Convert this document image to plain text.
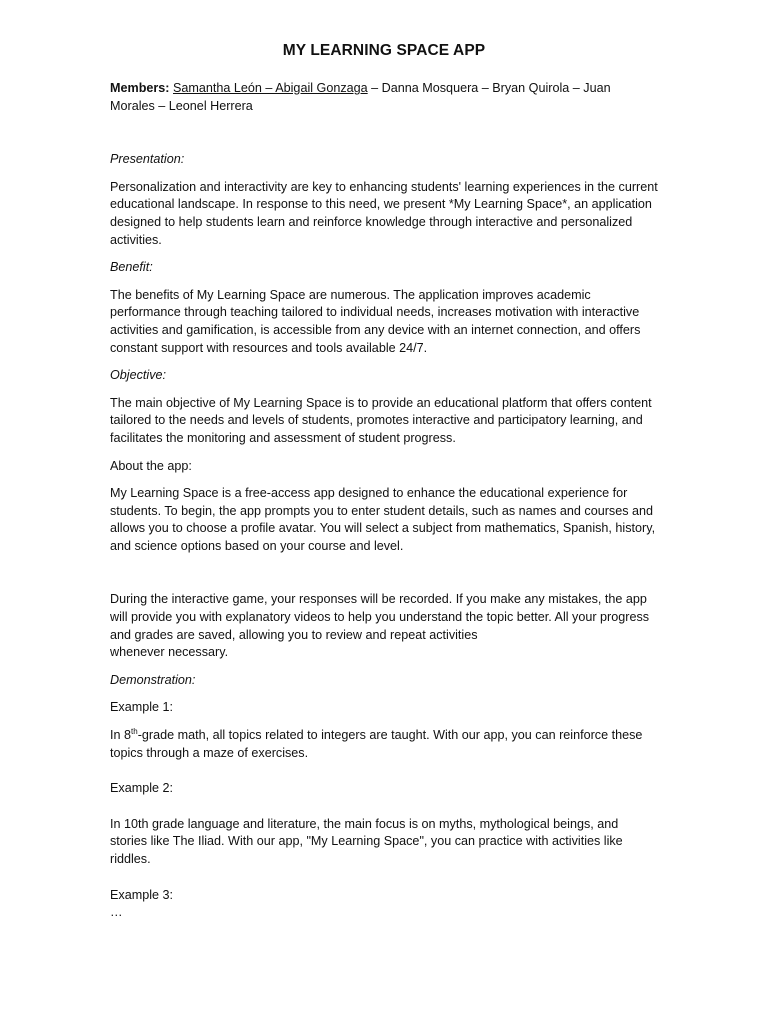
MY LEARNING SPACE APP

Members: Samantha León – Abigail Gonzaga – Danna Mosquera – Bryan Quirola – Juan Morales – Leonel Herrera

Presentation:

Personalization and interactivity are key to enhancing students' learning experiences in the current educational landscape. In response to this need, we present *My Learning Space*, an application designed to help students learn and reinforce knowledge through interactive and personalized activities.

Benefit:

The benefits of My Learning Space are numerous. The application improves academic performance through teaching tailored to individual needs, increases motivation with interactive activities and gamification, is accessible from any device with an internet connection, and offers constant support with resources and tools available 24/7.

Objective:

The main objective of My Learning Space is to provide an educational platform that offers content tailored to the needs and levels of students, promotes interactive and participatory learning, and facilitates the monitoring and assessment of student progress.

About the app:

My Learning Space is a free-access app designed to enhance the educational experience for students. To begin, the app prompts you to enter student details, such as names and courses and allows you to choose a profile avatar. You will select a subject from mathematics, Spanish, history, and science options based on your course and level.

During the interactive game, your responses will be recorded. If you make any mistakes, the app will provide you with explanatory videos to help you understand the topic better. All your progress and grades are saved, allowing you to review and repeat activities
whenever necessary.

Demonstration:

Example 1:

In 8th-grade math, all topics related to integers are taught. With our app, you can reinforce these topics through a maze of exercises.

Example 2:

In 10th grade language and literature, the main focus is on myths, mythological beings, and stories like The Iliad. With our app, "My Learning Space", you can practice with activities like riddles.

Example 3:

…
